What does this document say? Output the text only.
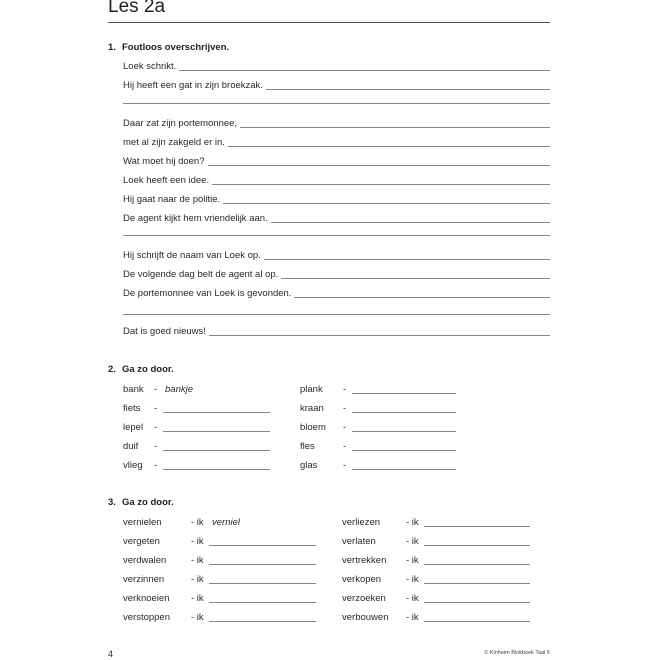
Les 2a
1. Foutloos overschrijven.
Loek schrikt.
Hij heeft een gat in zijn broekzak.
Daar zat zijn portemonnee,
met al zijn zakgeld er in.
Wat moet hij doen?
Loek heeft een idee.
Hij gaat naar de politie.
De agent kijkt hem vriendelijk aan.
Hij schrijft de naam van Loek op.
De volgende dag belt de agent al op.
De portemonnee van Loek is gevonden.
Dat is goed nieuws!
2. Ga zo door.
bank - bankje
fiets -
lepel -
duif -
vlieg -
plank -
kraan -
bloem -
fles	-
glas	-
3. Ga zo door.
vernielen	- ik verniel
vergeten	- ik
verdwalen	- ik
verzinnen	- ik
verknoeien - ik
verstoppen - ik
verliezen	- ik
verlaten	- ik
vertrekken - ik
verkopen	- ik
verzoeken - ik
verbouwen - ik
4	© Kinheim Blokboek Taal 5
